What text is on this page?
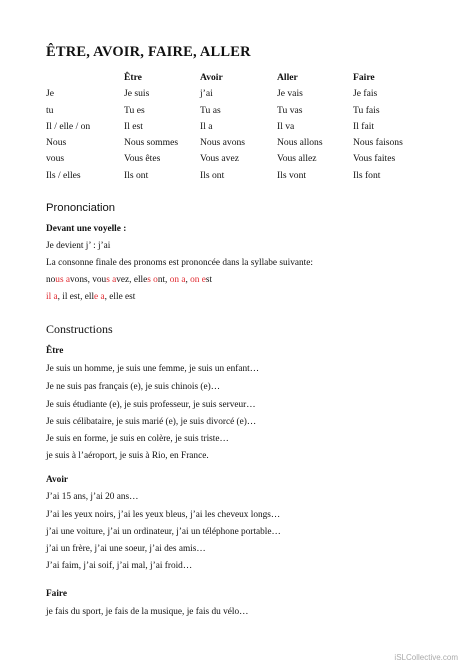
ÊTRE, AVOIR, FAIRE, ALLER
	Être	Avoir	Aller	Faire
Je	Je suis	j’ai	Je vais	Je fais
tu	Tu es	Tu as	Tu vas	Tu fais
Il / elle / on	Il est	Il a	Il va	Il fait
Nous	Nous sommes	Nous avons	Nous allons	Nous faisons
vous	Vous êtes	Vous avez	Vous allez	Vous faites
Ils / elles	Ils ont	Ils ont	Ils vont	Ils font
Prononciation
Devant une voyelle :
Je devient j’ : j’ai
La consonne finale des pronoms est prononcée dans la syllabe suivante:
nous avons, vous avez, elles ont, on a, on est
il a, il est, elle a, elle est
Constructions
Être
Je suis un homme, je suis une femme, je suis un enfant…
Je ne suis pas français (e), je suis chinois (e)…
Je suis étudiante (e), je suis professeur, je suis serveur…
Je suis célibataire, je suis marié (e), je suis divorcé (e)…
Je suis en forme, je suis en colère, je suis triste…
je suis à l’aéroport, je suis à Rio, en France.
Avoir
J’ai 15 ans, j’ai 20 ans…
J’ai les yeux noirs, j’ai les yeux bleus, j’ai les cheveux longs…
j’ai une voiture, j’ai un ordinateur, j’ai un téléphone portable…
j’ai un frère, j’ai une soeur, j’ai des amis…
J’ai faim, j’ai soif, j’ai mal, j’ai froid…
Faire
je fais du sport, je fais de la musique, je fais du vélo…
iSLCollective.com
